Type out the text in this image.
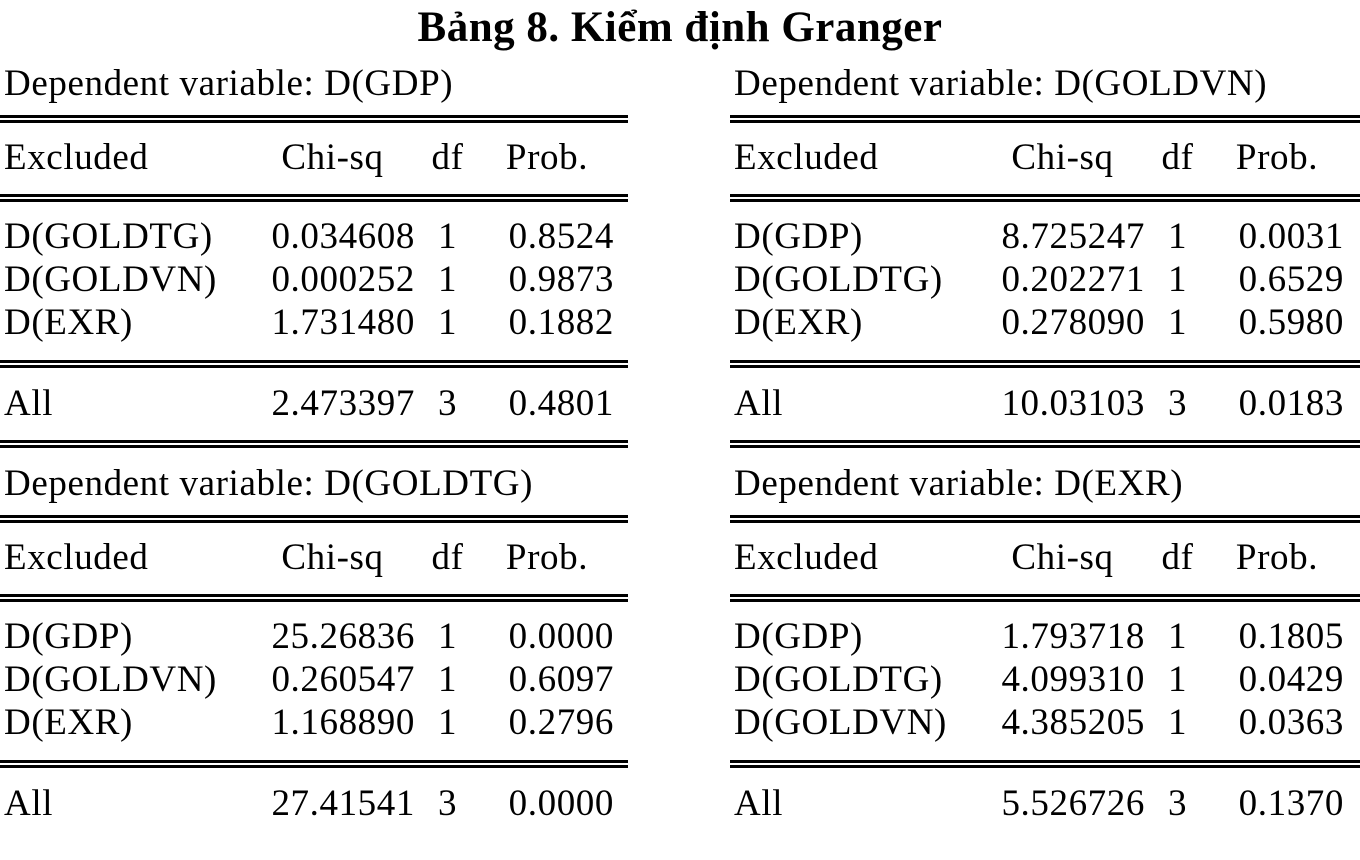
Bảng 8. Kiểm định Granger
Dependent variable: D(GDP)
Excluded	Chi-sq	df	Prob.
D(GOLDTG)	0.034608 1	0.8524
D(GOLDVN)	0.000252 1	0.9873
D(EXR)	1.731480 1	0.1882
All	2.473397 3	0.4801
Dependent variable: D(GOLDVN)
Excluded	Chi-sq	df	Prob.
D(GDP)	8.725247 1	0.0031
D(GOLDTG)	0.202271 1	0.6529
D(EXR)	0.278090 1	0.5980
All	10.03103 3	0.0183
Dependent variable: D(GOLDTG)
Excluded	Chi-sq	df	Prob.
D(GDP)	25.26836 1	0.0000
D(GOLDVN)	0.260547 1	0.6097
D(EXR)	1.168890 1	0.2796
All	27.41541 3	0.0000
Dependent variable: D(EXR)
Excluded	Chi-sq	df	Prob.
D(GDP)	1.793718 1	0.1805
D(GOLDTG)	4.099310 1	0.0429
D(GOLDVN)	4.385205 1	0.0363
All	5.526726 3	0.1370
